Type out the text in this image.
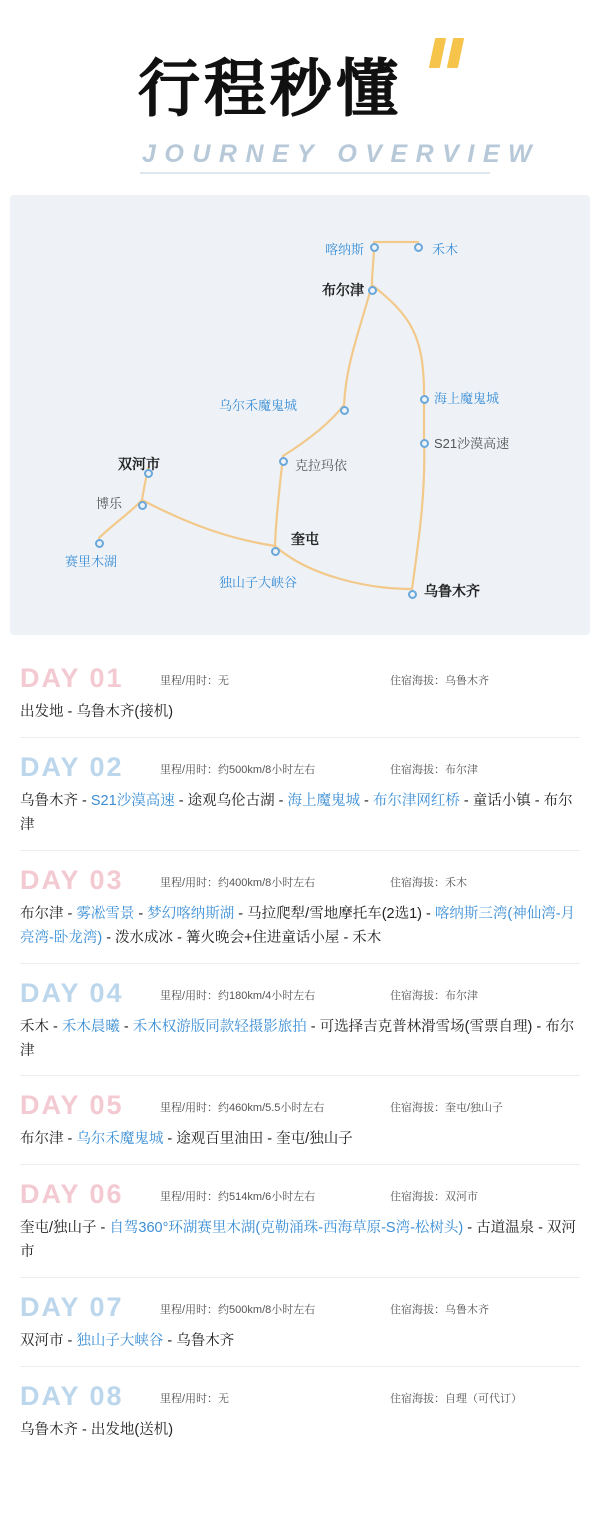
行程秒懂
JOURNEY OVERVIEW
喀纳斯	禾木
布尔津
乌尔禾魔鬼城	海上魔鬼城
S21沙漠高速
双河市	克拉玛依
博乐
赛里木湖
奎屯
独山子大峡谷
乌鲁木齐
DAY 01	里程/用时：无	住宿海拔：乌鲁木齐
出发地 - 乌鲁木齐(接机)
DAY 02	里程/用时：约500km/8小时左右	住宿海拔：布尔津
乌鲁木齐 - S21沙漠高速 - 途观乌伦古湖 - 海上魔鬼城 - 布尔津网红桥 - 童话小镇 - 布尔津
DAY 03	里程/用时：约400km/8小时左右	住宿海拔：禾木
布尔津 - 雾凇雪景 - 梦幻喀纳斯湖 - 马拉爬犁/雪地摩托车(2选1) - 喀纳斯三湾(神仙湾-月亮湾-卧龙湾) - 泼水成冰 - 篝火晚会+住进童话小屋 - 禾木
DAY 04	里程/用时：约180km/4小时左右	住宿海拔：布尔津
禾木 - 禾木晨曦 - 禾木权游版同款轻摄影旅拍 - 可选择吉克普林滑雪场(雪票自理) - 布尔津
DAY 05	里程/用时：约460km/5.5小时左右	住宿海拔：奎屯/独山子
布尔津 - 乌尔禾魔鬼城 - 途观百里油田 - 奎屯/独山子
DAY 06	里程/用时：约514km/6小时左右	住宿海拔：双河市
奎屯/独山子 - 自驾360°环湖赛里木湖(克勒涌珠-西海草原-S湾-松树头) - 古道温泉 - 双河市
DAY 07	里程/用时：约500km/8小时左右	住宿海拔：乌鲁木齐
双河市 - 独山子大峡谷 - 乌鲁木齐
DAY 08	里程/用时：无	住宿海拔：自理（可代订）
乌鲁木齐 - 出发地(送机)
